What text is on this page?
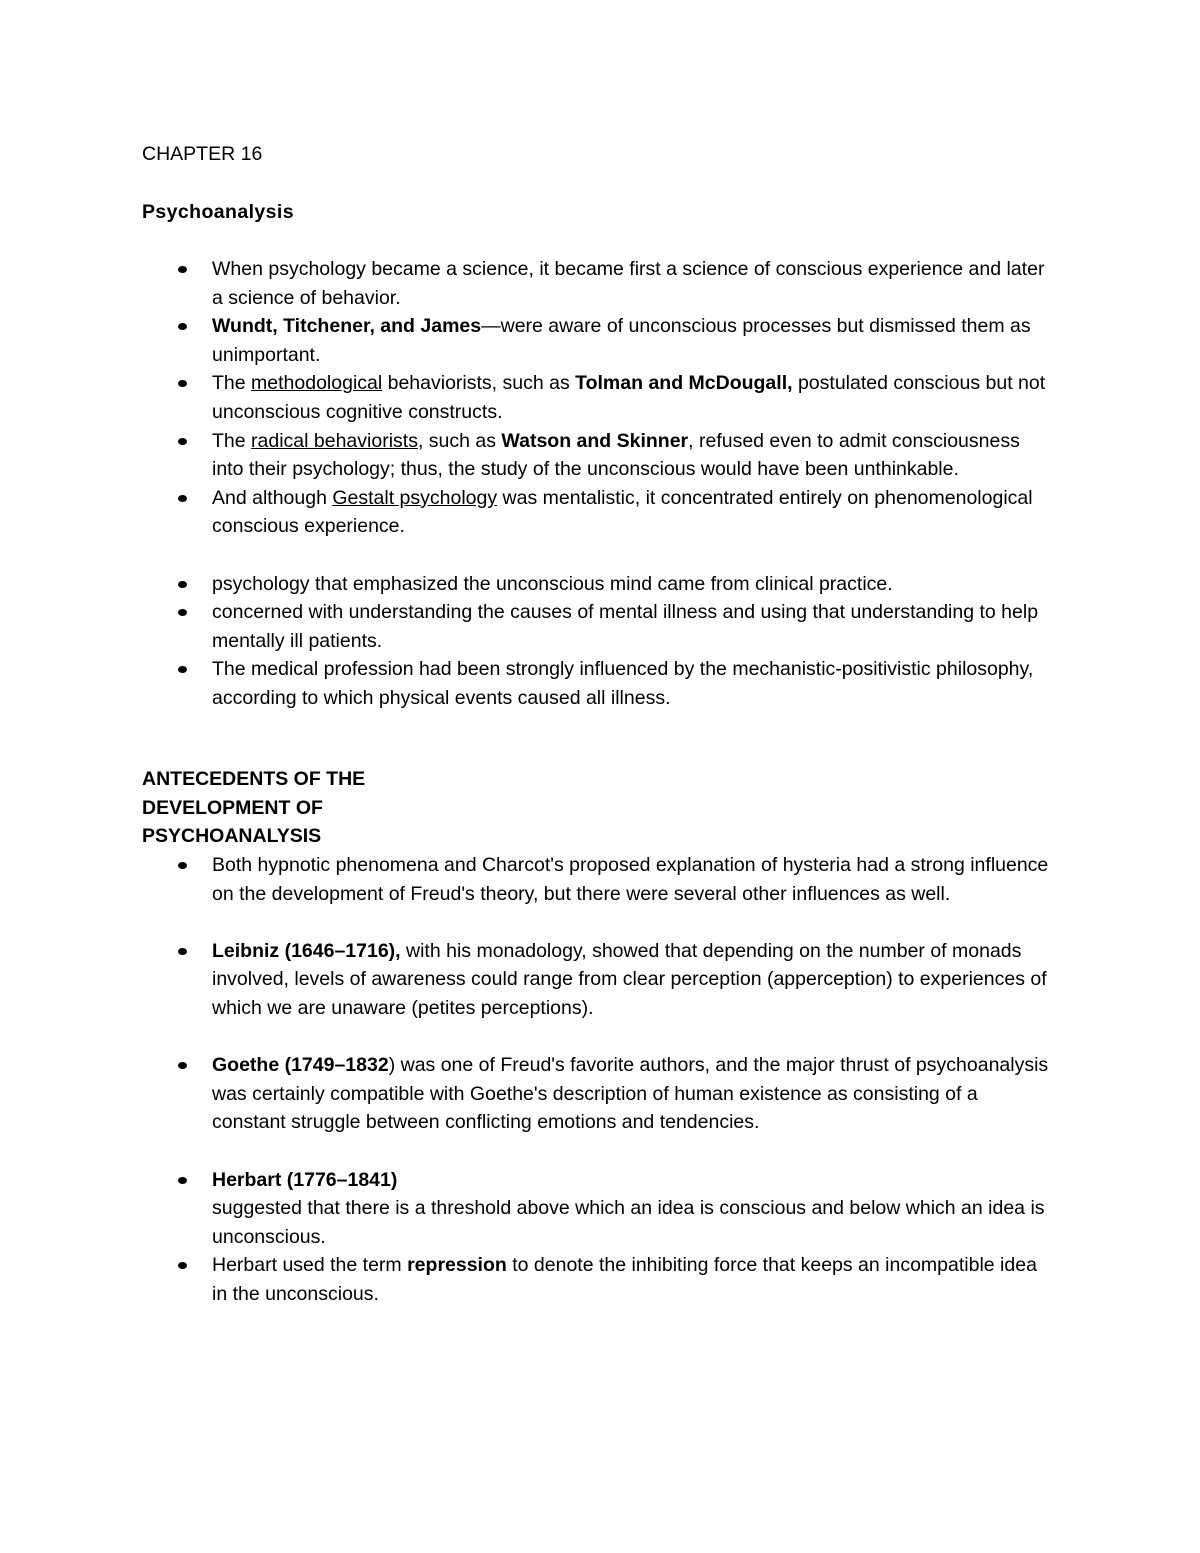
CHAPTER 16

Psychoanalysis

When psychology became a science, it became first a science of conscious experience and later a science of behavior.
Wundt, Titchener, and James—were aware of unconscious processes but dismissed them as unimportant.
The methodological behaviorists, such as Tolman and McDougall, postulated conscious but not unconscious cognitive constructs.
The radical behaviorists, such as Watson and Skinner, refused even to admit consciousness into their psychology; thus, the study of the unconscious would have been unthinkable.
And although Gestalt psychology was mentalistic, it concentrated entirely on phenomenological conscious experience.
psychology that emphasized the unconscious mind came from clinical practice.
concerned with understanding the causes of mental illness and using that understanding to help mentally ill patients.
The medical profession had been strongly influenced by the mechanistic-positivistic philosophy, according to which physical events caused all illness.
ANTECEDENTS OF THE
DEVELOPMENT OF
PSYCHOANALYSIS
Both hypnotic phenomena and Charcot's proposed explanation of hysteria had a strong influence on the development of Freud's theory, but there were several other influences as well.
Leibniz (1646–1716), with his monadology, showed that depending on the number of monads involved, levels of awareness could range from clear perception (apperception) to experiences of which we are unaware (petites perceptions).
Goethe (1749–1832) was one of Freud's favorite authors, and the major thrust of psychoanalysis was certainly compatible with Goethe's description of human existence as consisting of a constant struggle between conflicting emotions and tendencies.
Herbart (1776–1841)
suggested that there is a threshold above which an idea is conscious and below which an idea is unconscious.
Herbart used the term repression to denote the inhibiting force that keeps an incompatible idea in the unconscious.
